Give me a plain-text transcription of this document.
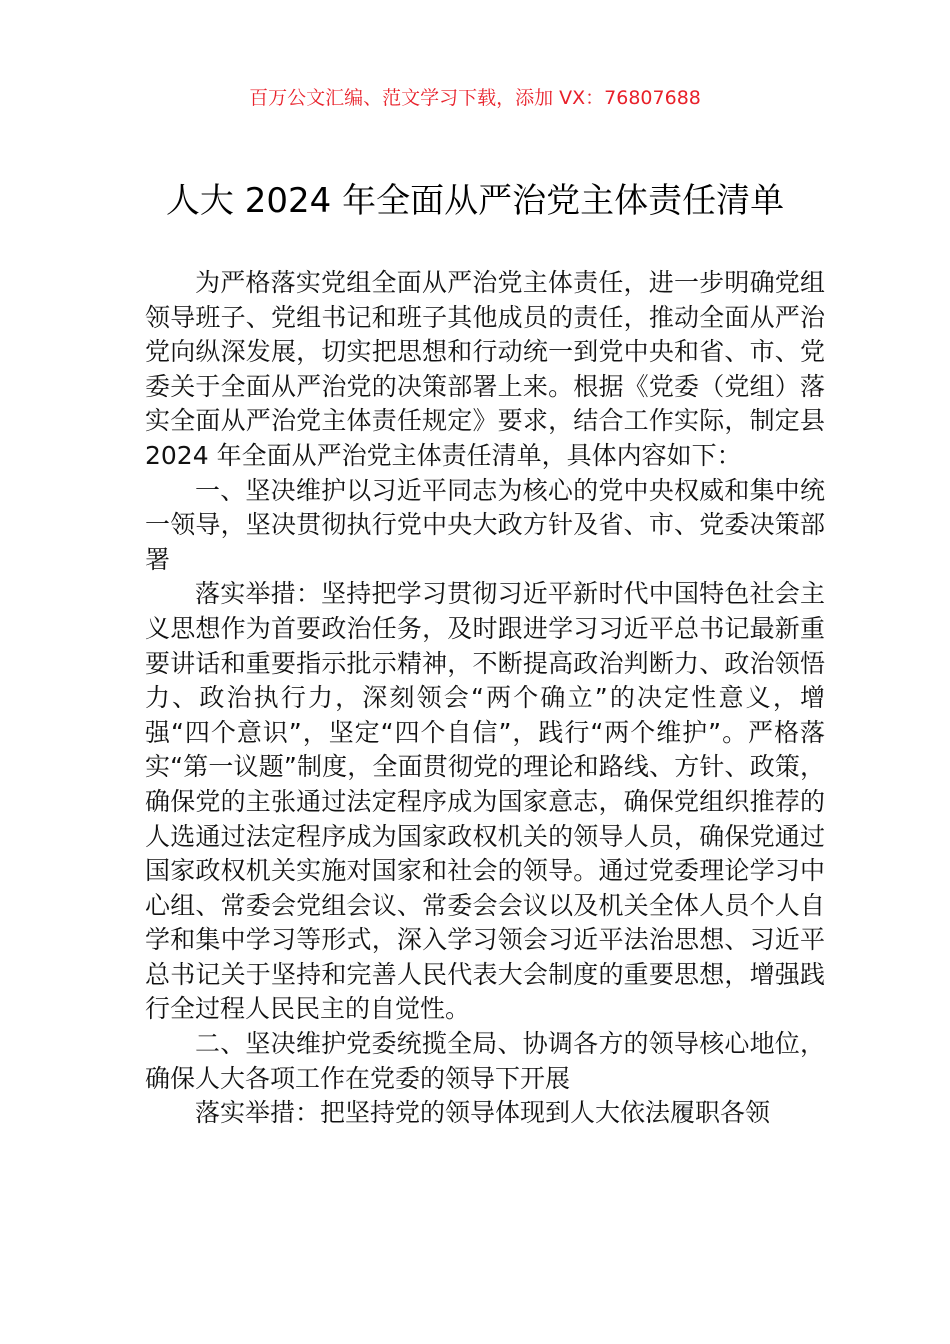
百万公文汇编、范文学习下载，添加 VX：76807688
人大 2024 年全面从严治党主体责任清单

为严格落实党组全面从严治党主体责任，进一步明确党组领导班子、党组书记和班子其他成员的责任，推动全面从严治党向纵深发展，切实把思想和行动统一到党中央和省、市、党委关于全面从严治党的决策部署上来。根据《党委（党组）落实全面从严治党主体责任规定》要求，结合工作实际，制定县 2024 年全面从严治党主体责任清单，具体内容如下：

一、坚决维护以习近平同志为核心的党中央权威和集中统一领导，坚决贯彻执行党中央大政方针及省、市、党委决策部署

落实举措：坚持把学习贯彻习近平新时代中国特色社会主义思想作为首要政治任务，及时跟进学习习近平总书记最新重要讲话和重要指示批示精神，不断提高政治判断力、政治领悟力、政治执行力，深刻领会“两个确立”的决定性意义，增强“四个意识”，坚定“四个自信”，践行“两个维护”。严格落实“第一议题”制度，全面贯彻党的理论和路线、方针、政策，确保党的主张通过法定程序成为国家意志，确保党组织推荐的人选通过法定程序成为国家政权机关的领导人员，确保党通过国家政权机关实施对国家和社会的领导。通过党委理论学习中心组、常委会党组会议、常委会会议以及机关全体人员个人自学和集中学习等形式，深入学习领会习近平法治思想、习近平总书记关于坚持和完善人民代表大会制度的重要思想，增强践行全过程人民民主的自觉性。

二、坚决维护党委统揽全局、协调各方的领导核心地位，确保人大各项工作在党委的领导下开展

落实举措：把坚持党的领导体现到人大依法履职各领
